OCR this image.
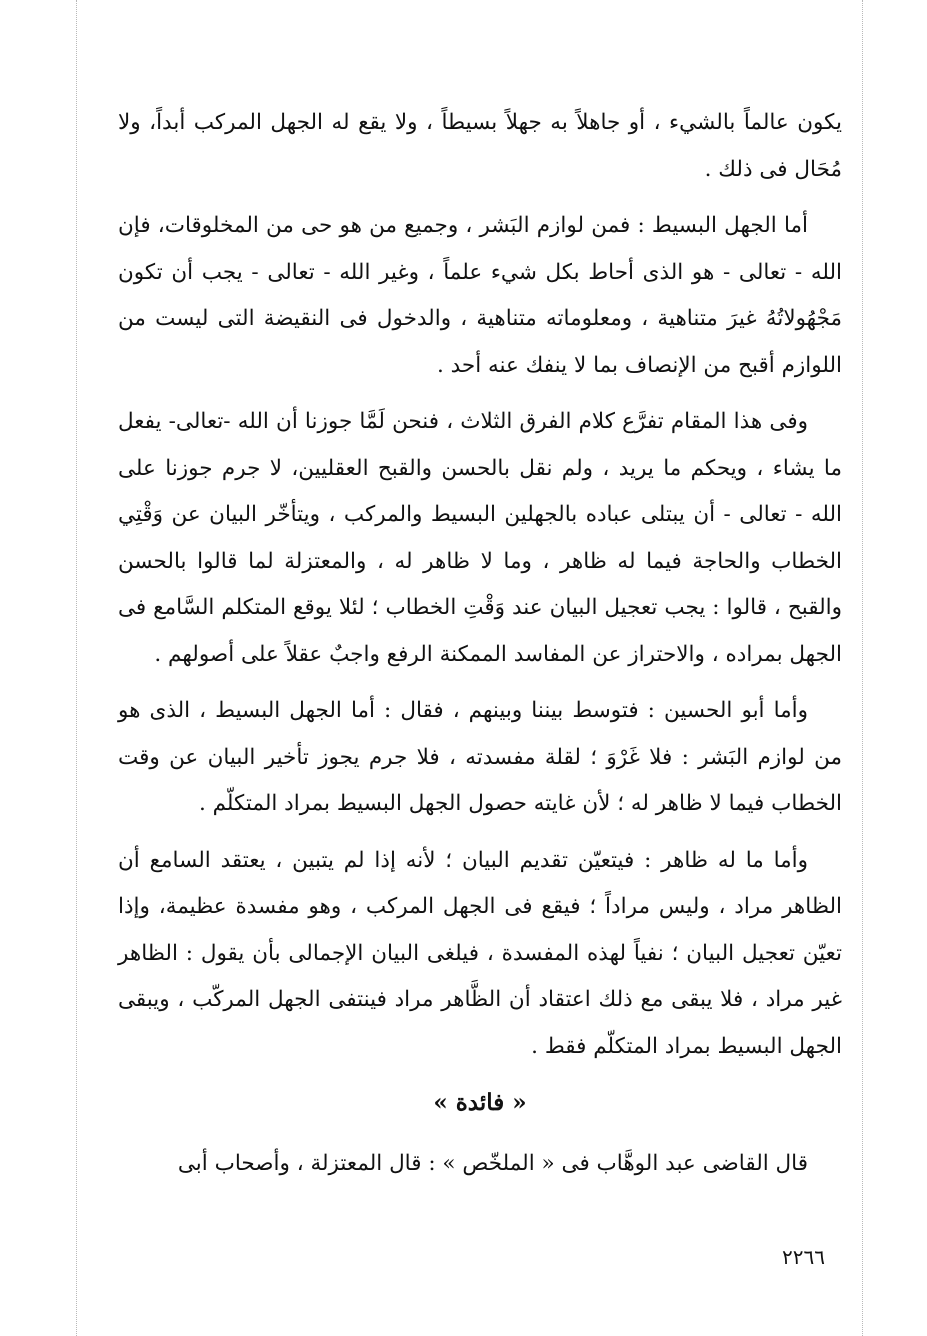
يكون عالماً بالشيء ، أو جاهلاً به جهلاً بسيطاً ، ولا يقع له الجهل المركب أبداً، ولا مُحَال فى ذلك .

أما الجهل البسيط : فمن لوازم البَشر ، وجميع من هو حى من المخلوقات، فإن الله - تعالى - هو الذى أحاط بكل شيء علماً ، وغير الله - تعالى - يجب أن تكون مَجْهُولاتُهُ غيرَ متناهية ، ومعلوماته متناهية ، والدخول فى النقيضة التى ليست من اللوازم أقبح من الإنصاف بما لا ينفك عنه أحد .

وفى هذا المقام تفرَّع كلام الفرق الثلاث ، فنحن لَمَّا جوزنا أن الله -تعالى- يفعل ما يشاء ، ويحكم ما يريد ، ولم نقل بالحسن والقبح العقليين، لا جرم جوزنا على الله - تعالى - أن يبتلى عباده بالجهلين البسيط والمركب ، ويتأخّر البيان عن وَقْتِي الخطاب والحاجة فيما له ظاهر ، وما لا ظاهر له ، والمعتزلة لما قالوا بالحسن والقبح ، قالوا : يجب تعجيل البيان عند وَقْتِ الخطاب ؛ لئلا يوقع المتكلم السَّامع فى الجهل بمراده ، والاحتراز عن المفاسد الممكنة الرفع واجبٌ عقلاً على أصولهم .

وأما أبو الحسين : فتوسط بيننا وبينهم ، فقال : أما الجهل البسيط ، الذى هو من لوازم البَشر : فلا غَرْوَ ؛ لقلة مفسدته ، فلا جرم يجوز تأخير البيان عن وقت الخطاب فيما لا ظاهر له ؛ لأن غايته حصول الجهل البسيط بمراد المتكلّم .

وأما ما له ظاهر : فيتعيّن تقديم البيان ؛ لأنه إذا لم يتبين ، يعتقد السامع أن الظاهر مراد ، وليس مراداً ؛ فيقع فى الجهل المركب ، وهو مفسدة عظيمة، وإذا تعيّن تعجيل البيان ؛ نفياً لهذه المفسدة ، فيلغى البيان الإجمالى بأن يقول : الظاهر غير مراد ، فلا يبقى مع ذلك اعتقاد أن الظَّاهر مراد فينتفى الجهل المركّب ، ويبقى الجهل البسيط بمراد المتكلّم فقط .

« فائدة »

قال القاضى عبد الوهَّاب فى « الملخّص » : قال المعتزلة ، وأصحاب أبى

٢٢٦٦
